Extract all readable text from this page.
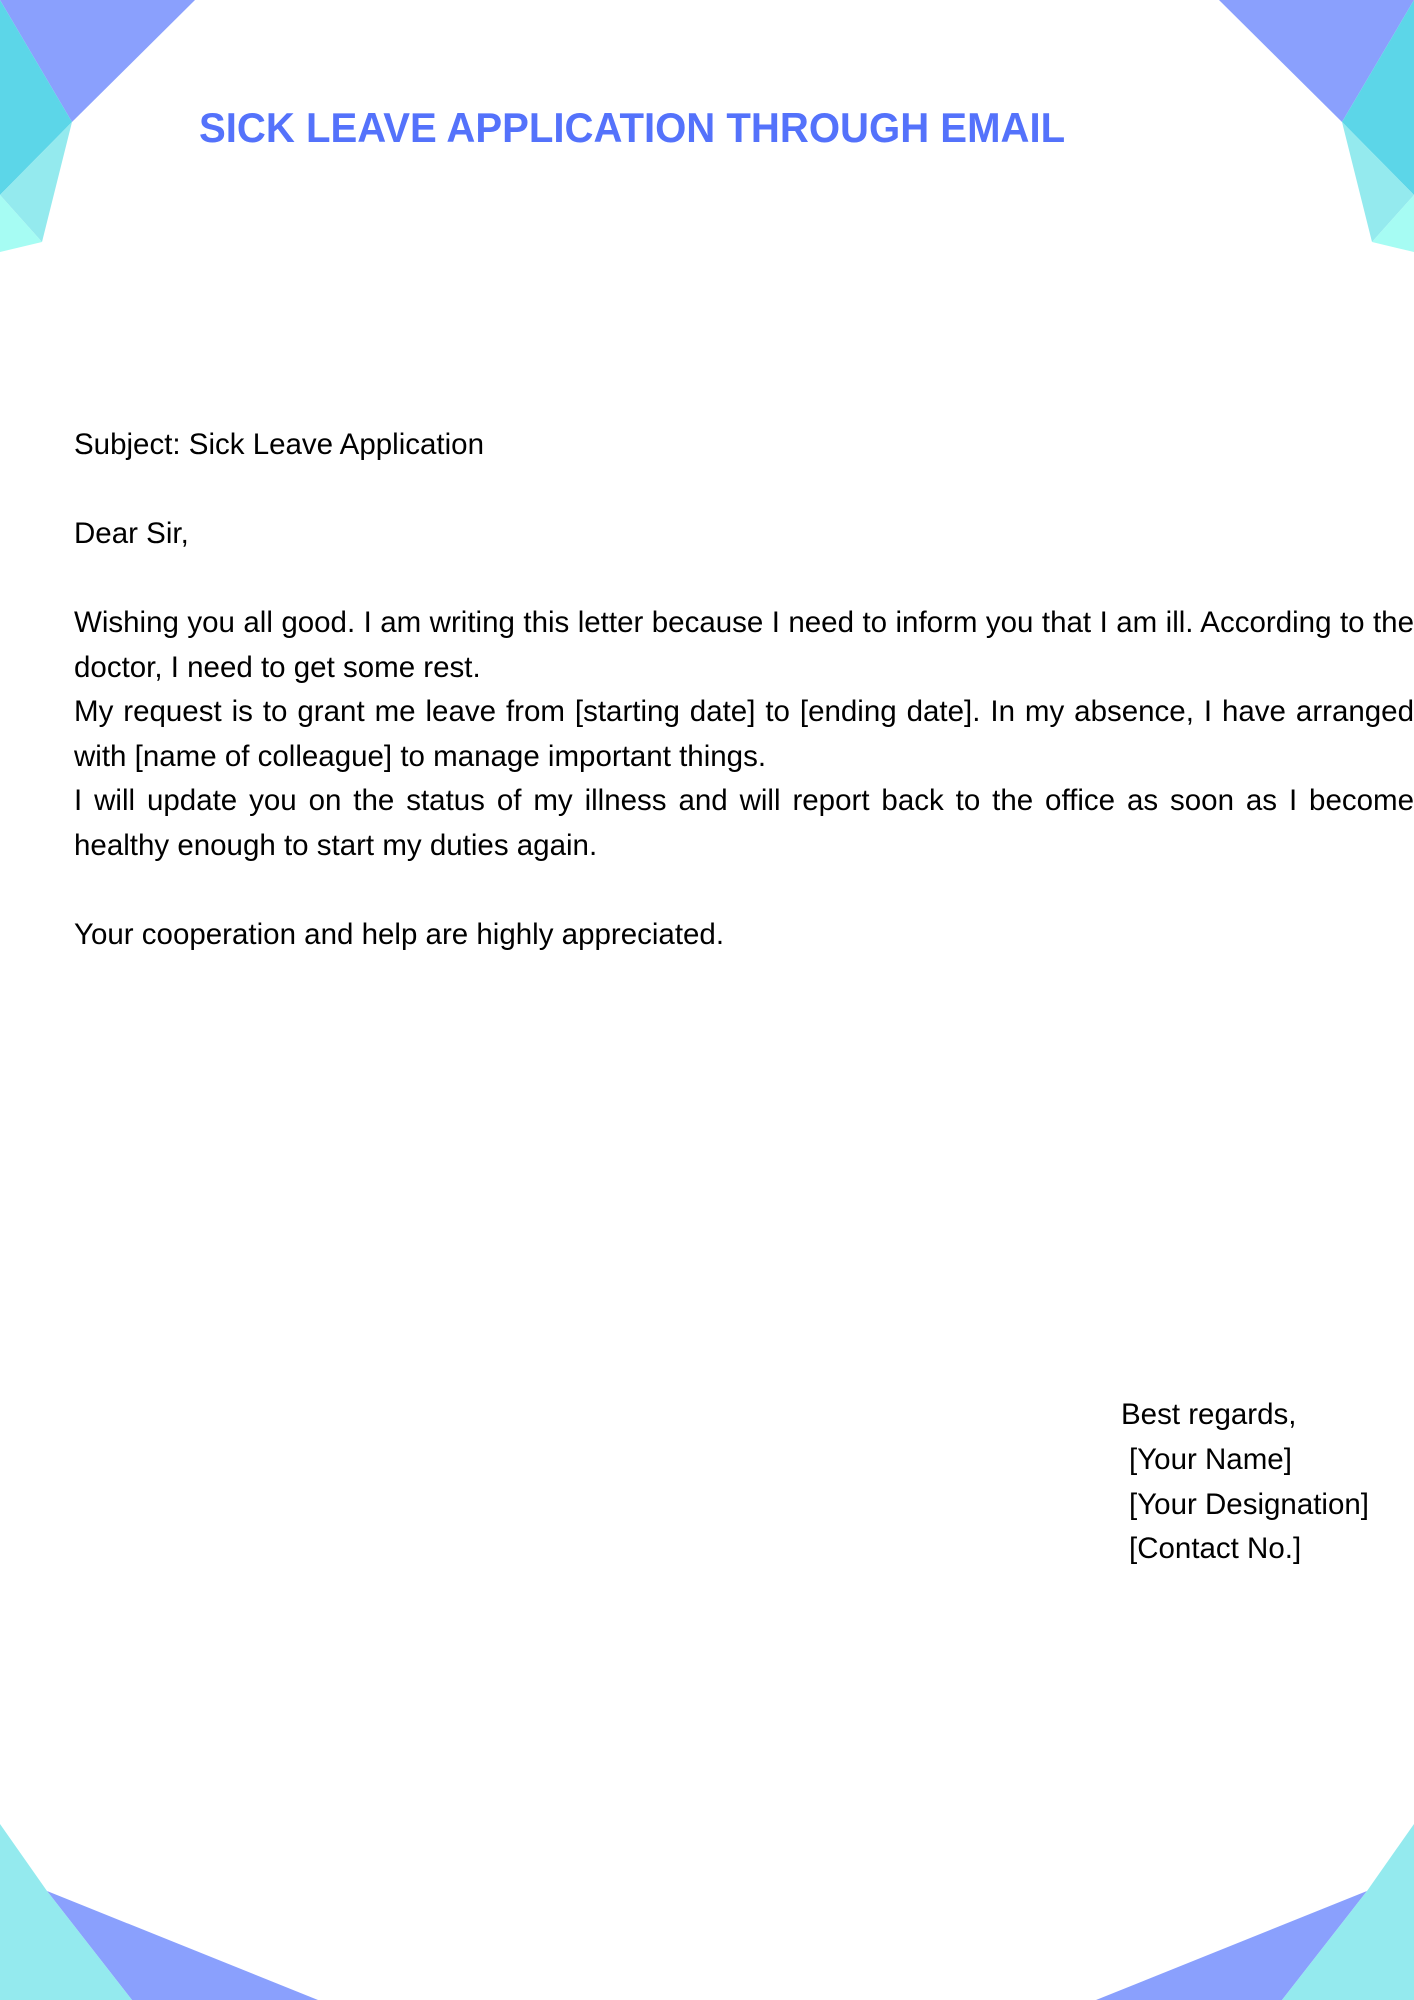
SICK LEAVE APPLICATION THROUGH EMAIL

Subject: Sick Leave Application

Dear Sir,

Wishing you all good. I am writing this letter because I need to inform you that I am ill. According to the doctor, I need to get some rest.

My request is to grant me leave from [starting date] to [ending date]. In my absence, I have arranged with [name of colleague] to manage important things.

I will update you on the status of my illness and will report back to the office as soon as I become healthy enough to start my duties again.

Your cooperation and help are highly appreciated.

Best regards,
[Your Name]
[Your Designation]
[Contact No.]
